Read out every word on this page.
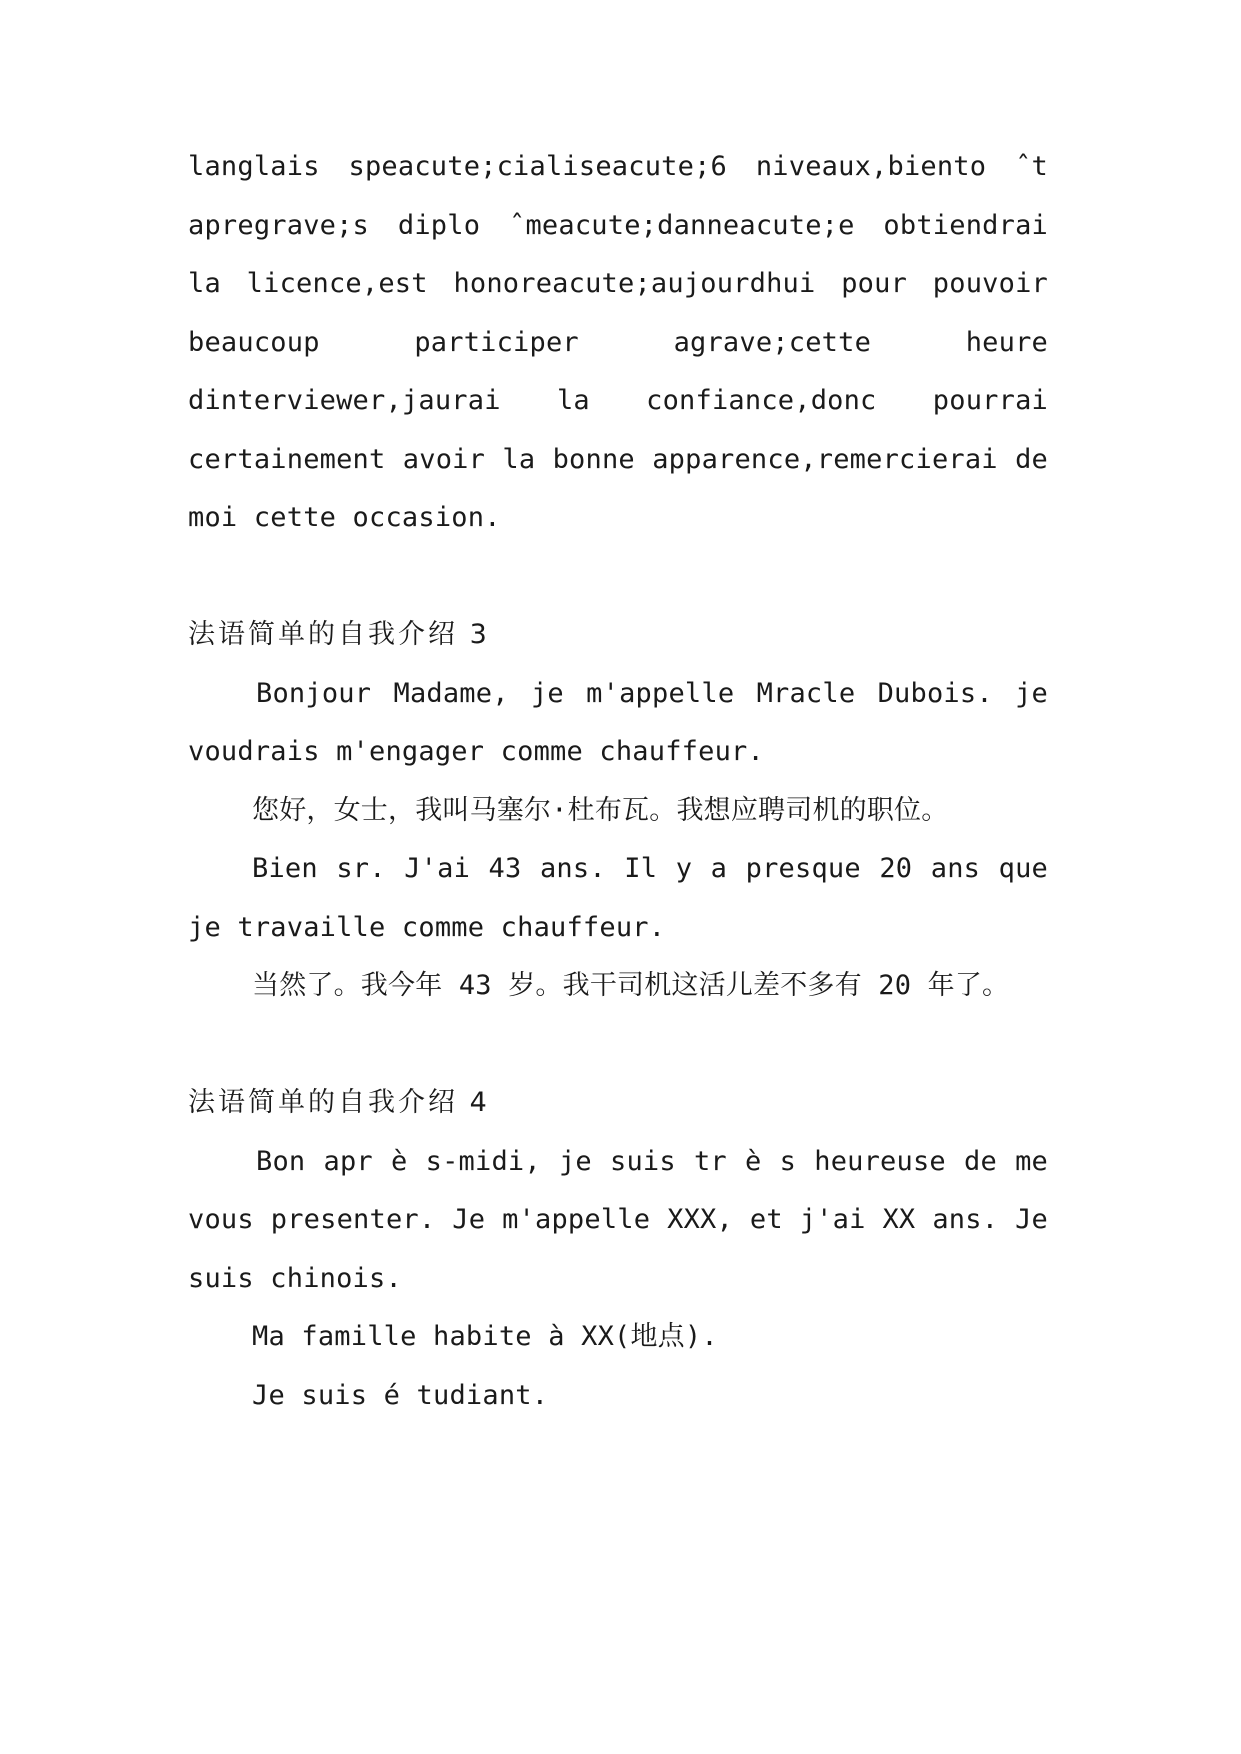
langlais speacute;cialiseacute;6 niveaux,biento ˆt apregrave;s diplo ˆmeacute;danneacute;e obtiendrai la licence,est honoreacute;aujourdhui pour pouvoir beaucoup participer agrave;cette heure dinterviewer,jaurai la confiance,donc pourrai certainement avoir la bonne apparence,remercierai de moi cette occasion.

法语简单的自我介绍 3

Bonjour Madame, je m'appelle Mracle Dubois. je voudrais m'engager comme chauffeur.

您好，女士，我叫马塞尔·杜布瓦。我想应聘司机的职位。

Bien sr. J'ai 43 ans. Il y a presque 20 ans que je travaille comme chauffeur.

当然了。我今年 43 岁。我干司机这活儿差不多有 20 年了。

法语简单的自我介绍 4

Bon apr è s-midi, je suis tr è s heureuse de me vous presenter. Je m'appelle XXX, et j'ai XX ans. Je suis chinois.

Ma famille habite à XX(地点).

Je suis é tudiant.
